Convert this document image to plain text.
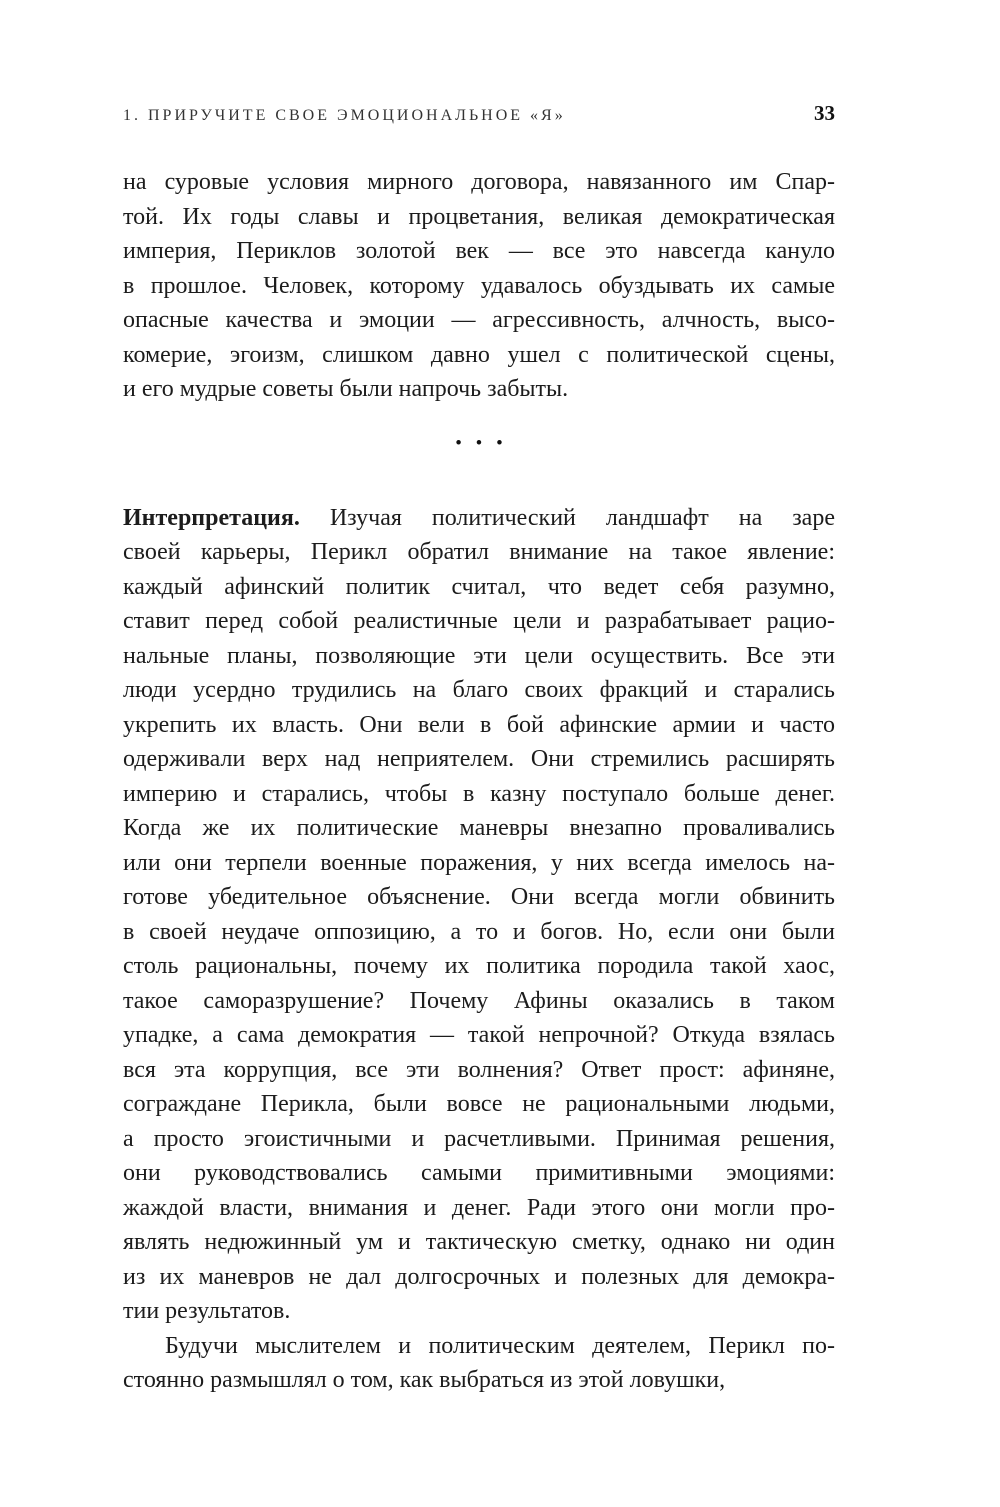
1. ПРИРУЧИТЕ СВОЕ ЭМОЦИОНАЛЬНОЕ «Я»	33
на суровые условия мирного договора, навязанного им Спар-
той. Их годы славы и процветания, великая демократическая
империя, Периклов золотой век — все это навсегда кануло
в прошлое. Человек, которому удавалось обуздывать их самые
опасные качества и эмоции — агрессивность, алчность, высо-
комерие, эгоизм, слишком давно ушел с политической сцены,
и его мудрые советы были напрочь забыты.
• • •
Интерпретация. Изучая политический ландшафт на заре
своей карьеры, Перикл обратил внимание на такое явление:
каждый афинский политик считал, что ведет себя разумно,
ставит перед собой реалистичные цели и разрабатывает рацио-
нальные планы, позволяющие эти цели осуществить. Все эти
люди усердно трудились на благо своих фракций и старались
укрепить их власть. Они вели в бой афинские армии и часто
одерживали верх над неприятелем. Они стремились расширять
империю и старались, чтобы в казну поступало больше денег.
Когда же их политические маневры внезапно проваливались
или они терпели военные поражения, у них всегда имелось на-
готове убедительное объяснение. Они всегда могли обвинить
в своей неудаче оппозицию, а то и богов. Но, если они были
столь рациональны, почему их политика породила такой хаос,
такое саморазрушение? Почему Афины оказались в таком
упадке, а сама демократия — такой непрочной? Откуда взялась
вся эта коррупция, все эти волнения? Ответ прост: афиняне,
сограждане Перикла, были вовсе не рациональными людьми,
а просто эгоистичными и расчетливыми. Принимая решения,
они руководствовались самыми примитивными эмоциями:
жаждой власти, внимания и денег. Ради этого они могли про-
являть недюжинный ум и тактическую сметку, однако ни один
из их маневров не дал долгосрочных и полезных для демокра-
тии результатов.
Будучи мыслителем и политическим деятелем, Перикл по-
стоянно размышлял о том, как выбраться из этой ловушки,
